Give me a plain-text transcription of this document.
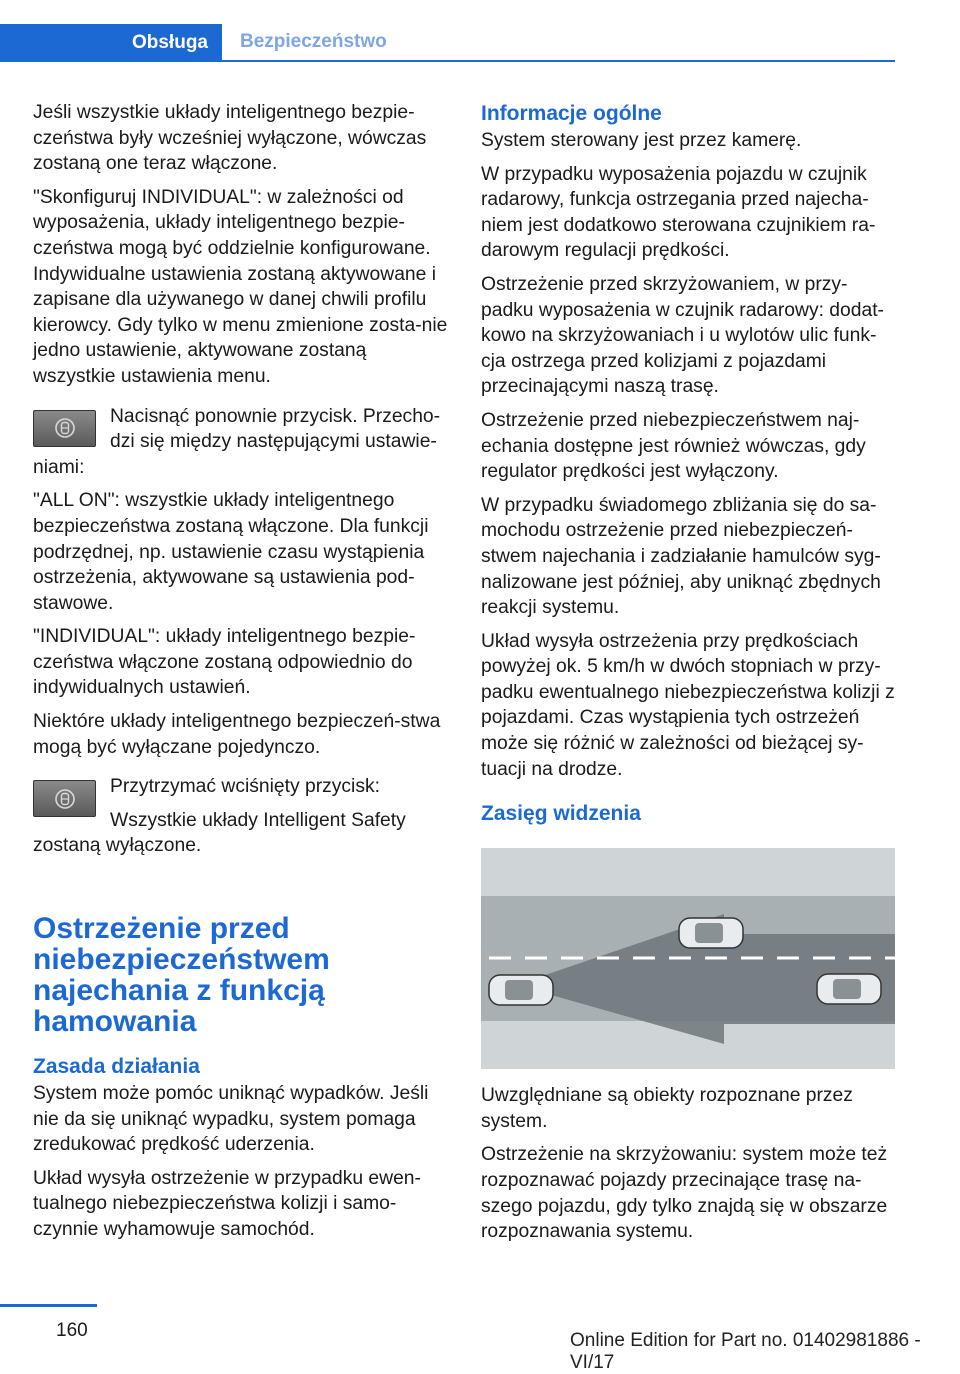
Obsługa	Bezpieczeństwo

Jeśli wszystkie układy inteligentnego bezpie-czeństwa były wcześniej wyłączone, wówczas zostaną one teraz włączone.

"Skonfiguruj INDIVIDUAL": w zależności od wyposażenia, układy inteligentnego bezpie-czeństwa mogą być oddzielnie konfigurowane. Indywidualne ustawienia zostaną aktywowane i zapisane dla używanego w danej chwili profilu kierowcy. Gdy tylko w menu zmienione zosta-nie jedno ustawienie, aktywowane zostaną wszystkie ustawienia menu.

Nacisnąć ponownie przycisk. Przecho-dzi się między następującymi ustawie-niami:

"ALL ON": wszystkie układy inteligentnego bezpieczeństwa zostaną włączone. Dla funkcji podrzędnej, np. ustawienie czasu wystąpienia ostrzeżenia, aktywowane są ustawienia pod-stawowe.

"INDIVIDUAL": układy inteligentnego bezpie-czeństwa włączone zostaną odpowiednio do indywidualnych ustawień.

Niektóre układy inteligentnego bezpieczeń-stwa mogą być wyłączane pojedynczo.

Przytrzymać wciśnięty przycisk:

Wszystkie układy Intelligent Safety zostaną wyłączone.

Ostrzeżenie przed niebezpieczeństwem najechania z funkcją hamowania
Zasada działania

System może pomóc uniknąć wypadków. Jeśli nie da się uniknąć wypadku, system pomaga zredukować prędkość uderzenia.

Układ wysyła ostrzeżenie w przypadku ewen-tualnego niebezpieczeństwa kolizji i samo-czynnie wyhamowuje samochód.

Informacje ogólne

System sterowany jest przez kamerę.

W przypadku wyposażenia pojazdu w czujnik radarowy, funkcja ostrzegania przed najecha-niem jest dodatkowo sterowana czujnikiem ra-darowym regulacji prędkości.

Ostrzeżenie przed skrzyżowaniem, w przy-padku wyposażenia w czujnik radarowy: dodat-kowo na skrzyżowaniach i u wylotów ulic funk-cja ostrzega przed kolizjami z pojazdami przecinającymi naszą trasę.

Ostrzeżenie przed niebezpieczeństwem naj-echania dostępne jest również wówczas, gdy regulator prędkości jest wyłączony.

W przypadku świadomego zbliżania się do sa-mochodu ostrzeżenie przed niebezpieczeń-stwem najechania i zadziałanie hamulców syg-nalizowane jest później, aby uniknąć zbędnych reakcji systemu.

Układ wysyła ostrzeżenia przy prędkościach powyżej ok. 5 km/h w dwóch stopniach w przy-padku ewentualnego niebezpieczeństwa kolizji z pojazdami. Czas wystąpienia tych ostrzeżeń może się różnić w zależności od bieżącej sy-tuacji na drodze.

Zasięg widzenia

Uwzględniane są obiekty rozpoznane przez system.

Ostrzeżenie na skrzyżowaniu: system może też rozpoznawać pojazdy przecinające trasę na-szego pojazdu, gdy tylko znajdą się w obszarze rozpoznawania systemu.

160	Online Edition for Part no. 01402981886 - VI/17
